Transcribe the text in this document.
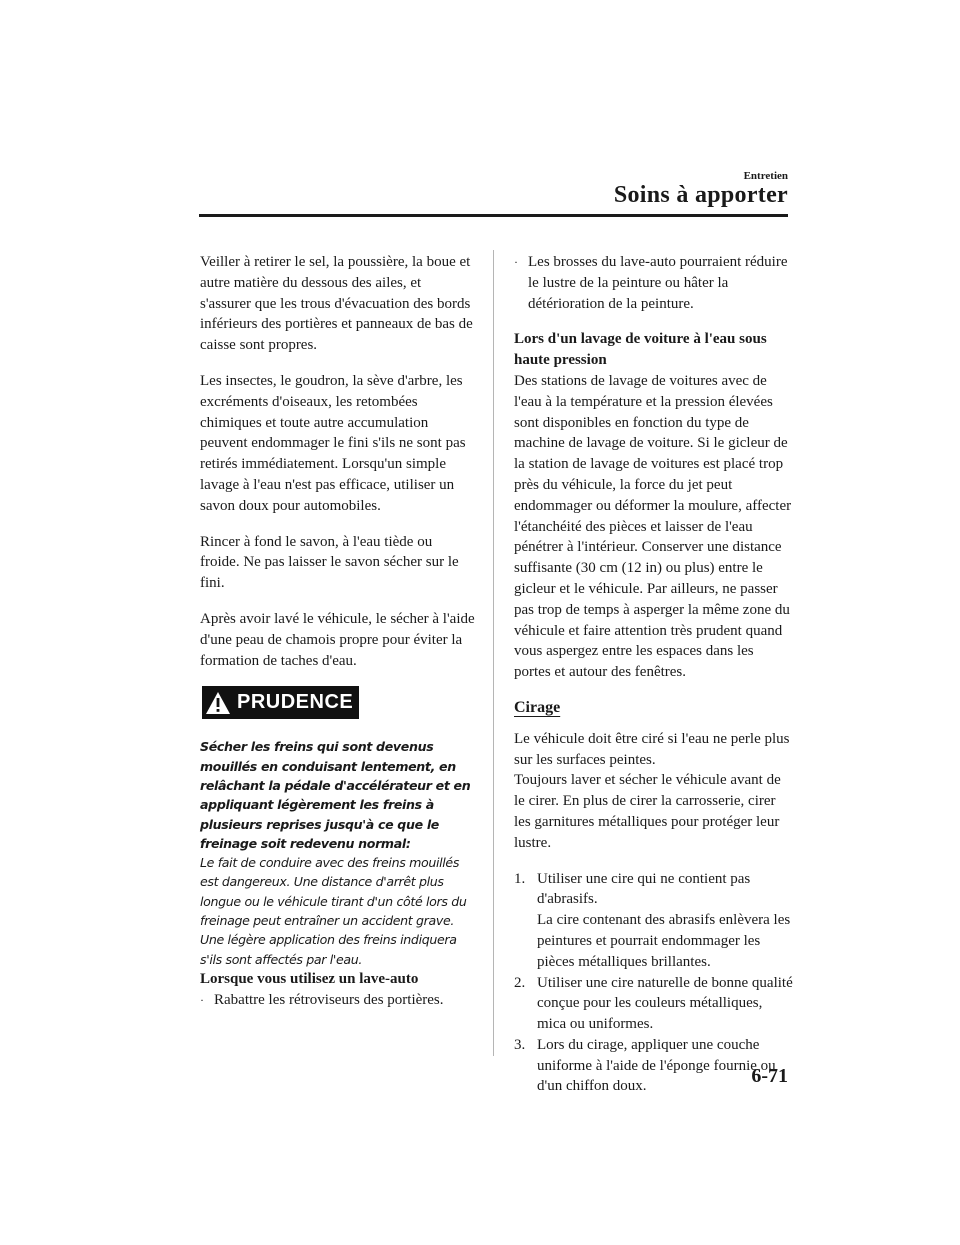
Entretien

Soins à apporter

Veiller à retirer le sel, la poussière, la boue et autre matière du dessous des ailes, et s'assurer que les trous d'évacuation des bords inférieurs des portières et panneaux de bas de caisse sont propres.

Les insectes, le goudron, la sève d'arbre, les excréments d'oiseaux, les retombées chimiques et toute autre accumulation peuvent endommager le fini s'ils ne sont pas retirés immédiatement. Lorsqu'un simple lavage à l'eau n'est pas efficace, utiliser un savon doux pour automobiles.

Rincer à fond le savon, à l'eau tiède ou froide. Ne pas laisser le savon sécher sur le fini.

Après avoir lavé le véhicule, le sécher à l'aide d'une peau de chamois propre pour éviter la formation de taches d'eau.

PRUDENCE

Sécher les freins qui sont devenus mouillés en conduisant lentement, en relâchant la pédale d'accélérateur et en appliquant légèrement les freins à plusieurs reprises jusqu'à ce que le freinage soit redevenu normal:
Le fait de conduire avec des freins mouillés est dangereux. Une distance d'arrêt plus longue ou le véhicule tirant d'un côté lors du freinage peut entraîner un accident grave. Une légère application des freins indiquera s'ils sont affectés par l'eau.

Lorsque vous utilisez un lave-auto

· Rabattre les rétroviseurs des portières.

· Les brosses du lave-auto pourraient réduire le lustre de la peinture ou hâter la détérioration de la peinture.

Lors d'un lavage de voiture à l'eau sous haute pression

Des stations de lavage de voitures avec de l'eau à la température et la pression élevées sont disponibles en fonction du type de machine de lavage de voiture. Si le gicleur de la station de lavage de voitures est placé trop près du véhicule, la force du jet peut endommager ou déformer la moulure, affecter l'étanchéité des pièces et laisser de l'eau pénétrer à l'intérieur. Conserver une distance suffisante (30 cm (12 in) ou plus) entre le gicleur et le véhicule. Par ailleurs, ne passer pas trop de temps à asperger la même zone du véhicule et faire attention très prudent quand vous aspergez entre les espaces dans les portes et autour des fenêtres.

Cirage

Le véhicule doit être ciré si l'eau ne perle plus sur les surfaces peintes.

Toujours laver et sécher le véhicule avant de le cirer. En plus de cirer la carrosserie, cirer les garnitures métalliques pour protéger leur lustre.

1. Utiliser une cire qui ne contient pas d'abrasifs.
La cire contenant des abrasifs enlèvera les peintures et pourrait endommager les pièces métalliques brillantes.
2. Utiliser une cire naturelle de bonne qualité conçue pour les couleurs métalliques, mica ou uniformes.
3. Lors du cirage, appliquer une couche uniforme à l'aide de l'éponge fournie ou d'un chiffon doux.	6-71
